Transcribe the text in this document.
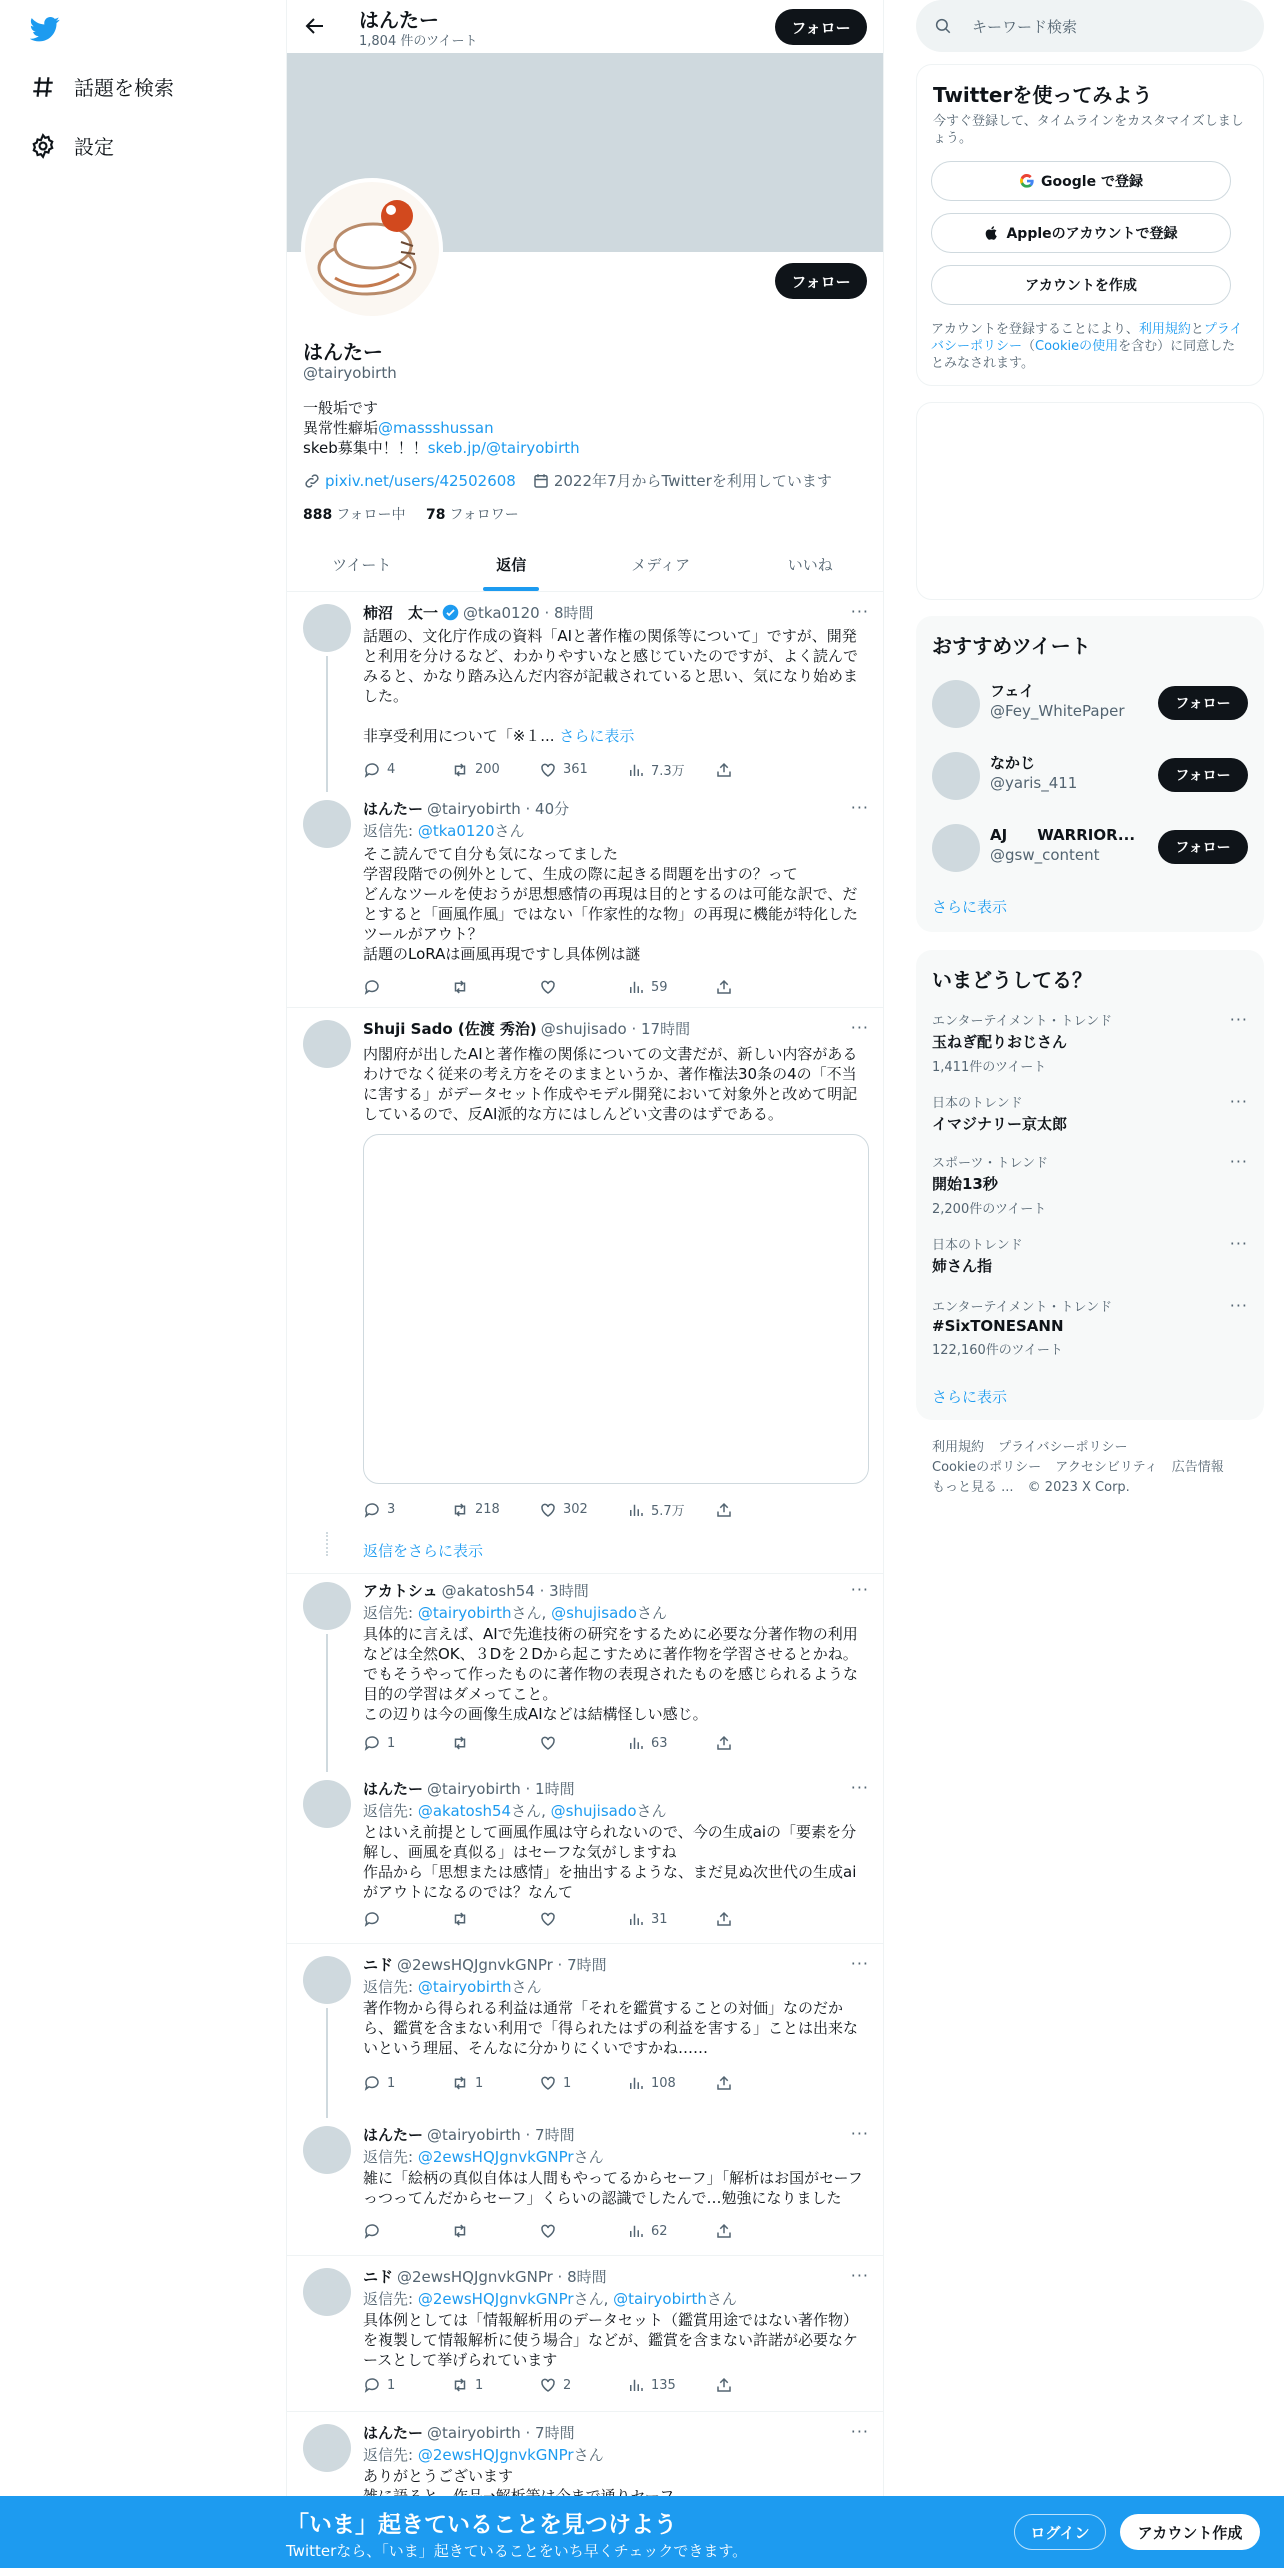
話題を検索
設定
はんたー
1,804 件のツイート
フォロー
フォロー
はんたー
@tairyobirth
一般垢です
異常性癖垢@massshussan
skeb募集中！！！skeb.jp/@tairyobirth
pixiv.net/users/42502608	2022年7月からTwitterを利用しています
888 フォロー中 78 フォロワー
ツイート	返信	メディア	いいね
柿沼　太一 @tka0120 · 8時間	···
話題の、文化庁作成の資料「AIと著作権の関係等について」ですが、開発と利用を分けるなど、わかりやすいなと感じていたのですが、よく読んでみると、かなり踏み込んだ内容が記載されていると思い、気になり始めました。

非享受利用について「※１... さらに表示
4	200	361	7.3万
はんたー @tairyobirth · 40分	···
返信先: @tka0120さん
そこ読んでて自分も気になってました
学習段階での例外として、生成の際に起きる問題を出すの？って
どんなツールを使おうが思想感情の再現は目的とするのは可能な訳で、だとすると「画風作風」ではない「作家性的な物」の再現に機能が特化したツールがアウト？
話題のLoRAは画風再現ですし具体例は謎
59
Shuji Sado (佐渡 秀治) @shujisado · 17時間	···
内閣府が出したAIと著作権の関係についての文書だが、新しい内容があるわけでなく従来の考え方をそのままというか、著作権法30条の4の「不当に害する」がデータセット作成やモデル開発において対象外と改めて明記しているので、反AI派的な方にはしんどい文書のはずである。
3	218	302	5.7万
返信をさらに表示
アカトシュ @akatosh54 · 3時間	···
返信先: @tairyobirthさん, @shujisadoさん
具体的に言えば、AIで先進技術の研究をするために必要な分著作物の利用などは全然OK、３Dを２Dから起こすために著作物を学習させるとかね。
でもそうやって作ったものに著作物の表現されたものを感じられるような目的の学習はダメってこと。
この辺りは今の画像生成AIなどは結構怪しい感じ。
1	63
はんたー @tairyobirth · 1時間	···
返信先: @akatosh54さん, @shujisadoさん
とはいえ前提として画風作風は守られないので、今の生成aiの「要素を分解し、画風を真似る」はセーフな気がしますね
作品から「思想または感情」を抽出するような、まだ見ぬ次世代の生成aiがアウトになるのでは？なんて
31
ニド @2ewsHQJgnvkGNPr · 7時間	···
返信先: @tairyobirthさん
著作物から得られる利益は通常「それを鑑賞することの対価」なのだから、鑑賞を含まない利用で「得られたはずの利益を害する」ことは出来ないという理屈、そんなに分かりにくいですかね……
1	1	1	108
はんたー @tairyobirth · 7時間	···
返信先: @2ewsHQJgnvkGNPrさん
雑に「絵柄の真似自体は人間もやってるからセーフ」「解析はお国がセーフっつってんだからセーフ」くらいの認識でしたんで…勉強になりました
62
ニド @2ewsHQJgnvkGNPr · 8時間	···
返信先: @2ewsHQJgnvkGNPrさん, @tairyobirthさん
具体例としては「情報解析用のデータセット（鑑賞用途ではない著作物）を複製して情報解析に使う場合」などが、鑑賞を含まない許諾が必要なケースとして挙げられています
1	1	2	135
はんたー @tairyobirth · 7時間	···
返信先: @2ewsHQJgnvkGNPrさん
ありがとうございます

キーワード検索
Twitterを使ってみよう
今すぐ登録して、タイムラインをカスタマイズしましょう。
Google で登録
Appleのアカウントで登録
アカウントを作成
アカウントを登録することにより、利用規約とプライバシーポリシー（Cookieの使用を含む）に同意したとみなされます。
おすすめツイート
フェイ
@Fey_WhitePaper	フォロー
なかじ
@yaris_411	フォロー
AJ　　WARRIOR...
@gsw_content	フォロー
さらに表示
いまどうしてる？
エンターテイメント・トレンド
玉ねぎ配りおじさん
1,411件のツイート
···
日本のトレンド
イマジナリー京太郎
···
スポーツ・トレンド
開始13秒
2,200件のツイート
···
日本のトレンド
姉さん指
···
エンターテイメント・トレンド
#SixTONESANN
122,160件のツイート
···
さらに表示
利用規約 プライバシーポリシー
Cookieのポリシー アクセシビリティ 広告情報
もっと見る ... © 2023 X Corp.
「いま」起きていることを見つけよう
Twitterなら、「いま」起きていることをいち早くチェックできます。
ログイン	アカウント作成
